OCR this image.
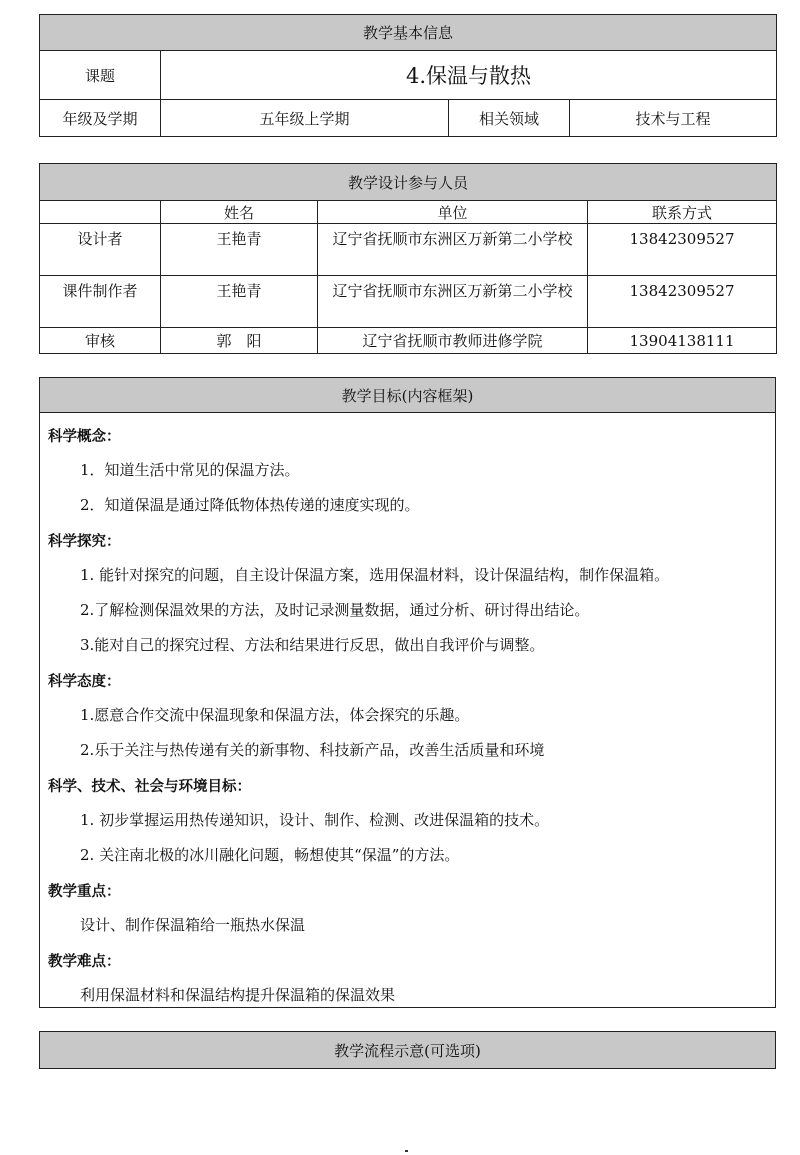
教学基本信息			
课题	4.保温与散热		
年级及学期	五年级上学期	相关领域	技术与工程
教学设计参与人员			
	姓名	单位	联系方式
设计者	王艳青	辽宁省抚顺市东洲区万新第二小学校	13842309527
课件制作者	王艳青	辽宁省抚顺市东洲区万新第二小学校	13842309527
审核	郭　阳	辽宁省抚顺市教师进修学院	13904138111
教学目标(内容框架)

科学概念：
1．知道生活中常见的保温方法。
2．知道保温是通过降低物体热传递的速度实现的。
科学探究：
1. 能针对探究的问题，自主设计保温方案，选用保温材料，设计保温结构，制作保温箱。
2.了解检测保温效果的方法，及时记录测量数据，通过分析、研讨得出结论。
3.能对自己的探究过程、方法和结果进行反思，做出自我评价与调整。
科学态度：
1.愿意合作交流中保温现象和保温方法，体会探究的乐趣。
2.乐于关注与热传递有关的新事物、科技新产品，改善生活质量和环境
科学、技术、社会与环境目标：
1. 初步掌握运用热传递知识，设计、制作、检测、改进保温箱的技术。
2. 关注南北极的冰川融化问题，畅想使其“保温”的方法。
教学重点：
设计、制作保温箱给一瓶热水保温
教学难点：
利用保温材料和保温结构提升保温箱的保温效果
教学流程示意(可选项)
